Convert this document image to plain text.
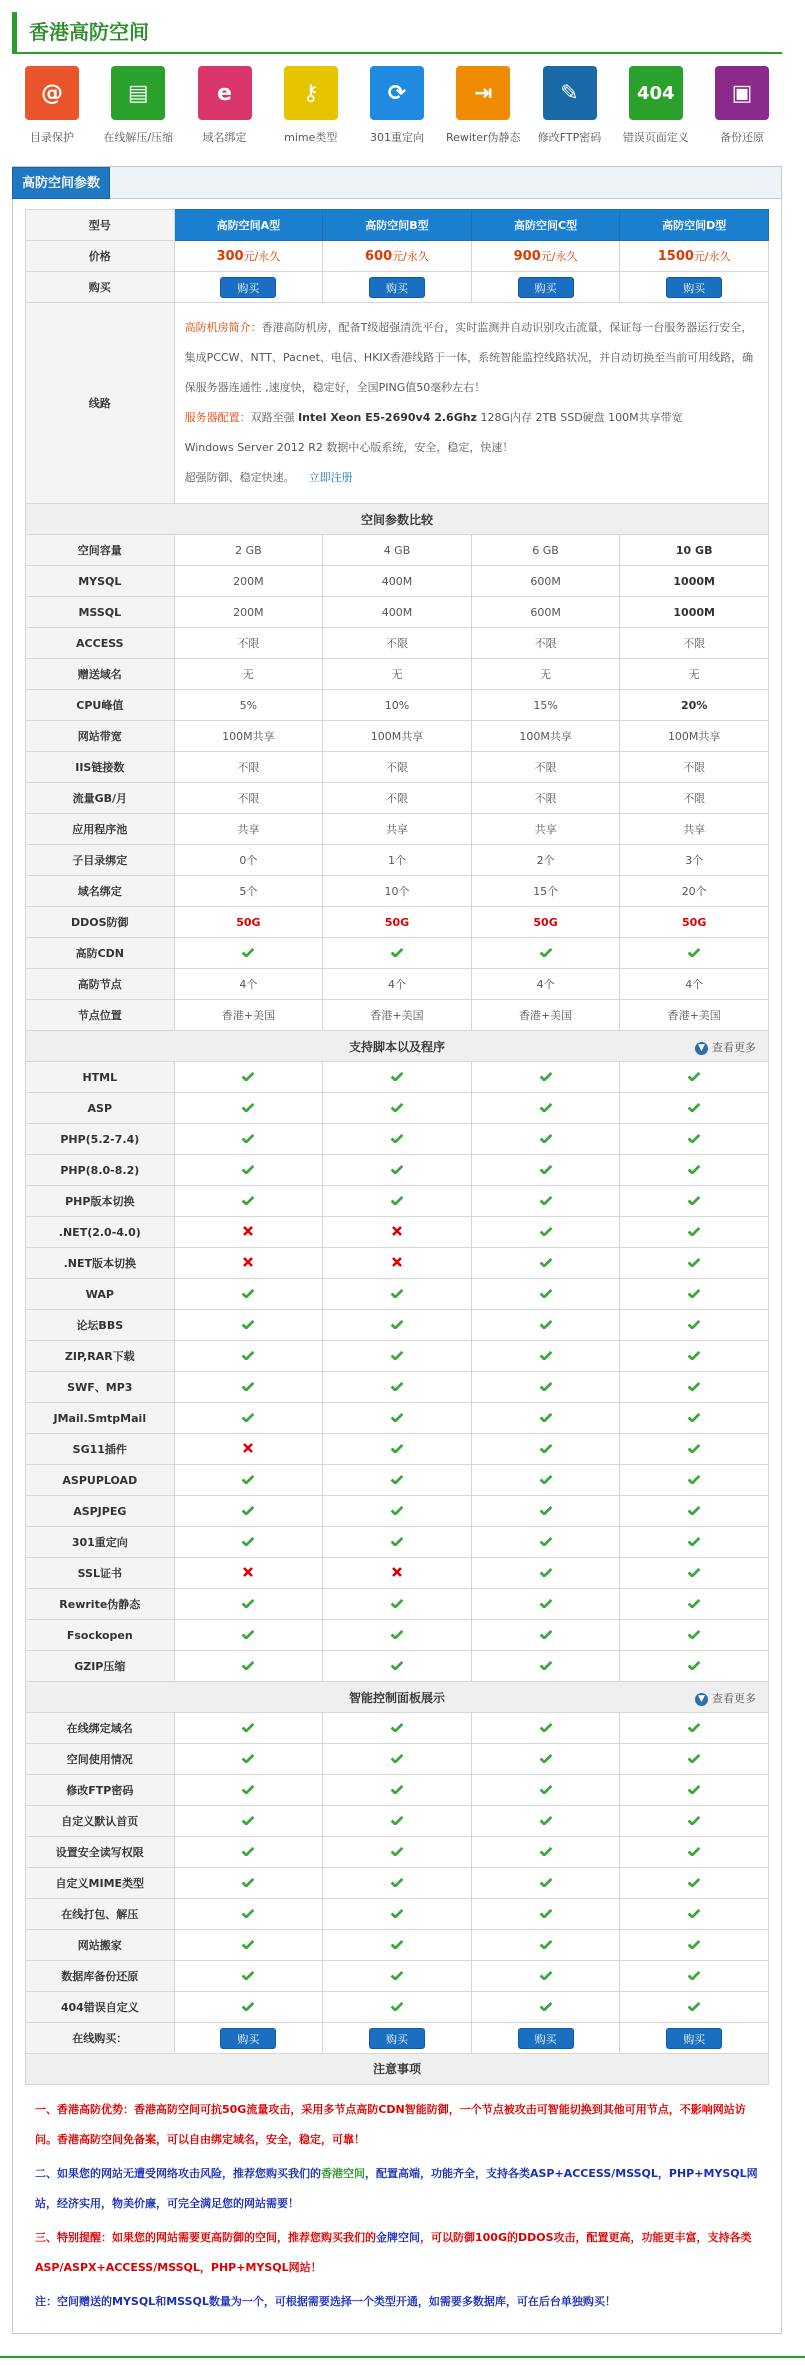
香港高防空间
@
目录保护
▤
在线解压/压缩
e
域名绑定
⚷
mime类型
⟳
301重定向
⇥
Rewiter伪静态
✎
修改FTP密码
404
错误页面定义
▣
备份还原
高防空间参数
型号	高防空间A型	高防空间B型	高防空间C型	高防空间D型
价格	300元/永久	600元/永久	900元/永久	1500元/永久
购买	购买	购买	购买	购买
线路	高防机房简介：香港高防机房，配备T级超强清洗平台，实时监测并自动识别攻击流量，保证每一台服务器运行安全，集成PCCW、NTT、Pacnet、电信、HKIX香港线路于一体，系统智能监控线路状况，并自动切换至当前可用线路，确保服务器连通性 ,速度快，稳定好，全国PING值50毫秒左右！
服务器配置：双路至强 Intel Xeon E5-2690v4 2.6Ghz 128G内存 2TB SSD硬盘 100M共享带宽
Windows Server 2012 R2 数据中心版系统，安全，稳定，快速！
超强防御、稳定快速。 立即注册			
空间参数比较				
空间容量	2 GB	4 GB	6 GB	10 GB
MYSQL	200M	400M	600M	1000M
MSSQL	200M	400M	600M	1000M
ACCESS	不限	不限	不限	不限
赠送域名	无	无	无	无
CPU峰值	5%	10%	15%	20%
网站带宽	100M共享	100M共享	100M共享	100M共享
IIS链接数	不限	不限	不限	不限
流量GB/月	不限	不限	不限	不限
应用程序池	共享	共享	共享	共享
子目录绑定	0个	1个	2个	3个
域名绑定	5个	10个	15个	20个
DDOS防御	50G	50G	50G	50G
高防CDN				
高防节点	4个	4个	4个	4个
节点位置	香港+美国	香港+美国	香港+美国	香港+美国
支持脚本以及程序 ▼ 查看更多				

HTML				
ASP				
PHP(5.2-7.4)				
PHP(8.0-8.2)				
PHP版本切换				
.NET(2.0-4.0)				
.NET版本切换				
WAP				
论坛BBS				
ZIP,RAR下载				
SWF、MP3				
JMail.SmtpMail				
SG11插件				
ASPUPLOAD				
ASPJPEG				
301重定向				
SSL证书				
Rewrite伪静态				
Fsockopen				
GZIP压缩				
智能控制面板展示 ▼ 查看更多				

在线绑定域名				
空间使用情况				
修改FTP密码				
自定义默认首页				
设置安全读写权限				
自定义MIME类型				
在线打包、解压				
网站搬家				
数据库备份还原				
404错误自定义				
在线购买：	购买	购买	购买	购买
注意事项

一、香港高防优势：香港高防空间可抗50G流量攻击，采用多节点高防CDN智能防御，一个节点被攻击可智能切换到其他可用节点，不影响网站访问。香港高防空间免备案，可以自由绑定域名，安全，稳定，可靠！

二、如果您的网站无遭受网络攻击风险，推荐您购买我们的香港空间，配置高端，功能齐全，支持各类ASP+ACCESS/MSSQL，PHP+MYSQL网站，经济实用，物美价廉，可完全满足您的网站需要！

三、特别提醒：如果您的网站需要更高防御的空间，推荐您购买我们的金牌空间，可以防御100G的DDOS攻击，配置更高，功能更丰富，支持各类ASP/ASPX+ACCESS/MSSQL，PHP+MYSQL网站！

注：空间赠送的MYSQL和MSSQL数量为一个，可根据需要选择一个类型开通，如需要多数据库，可在后台单独购买！
